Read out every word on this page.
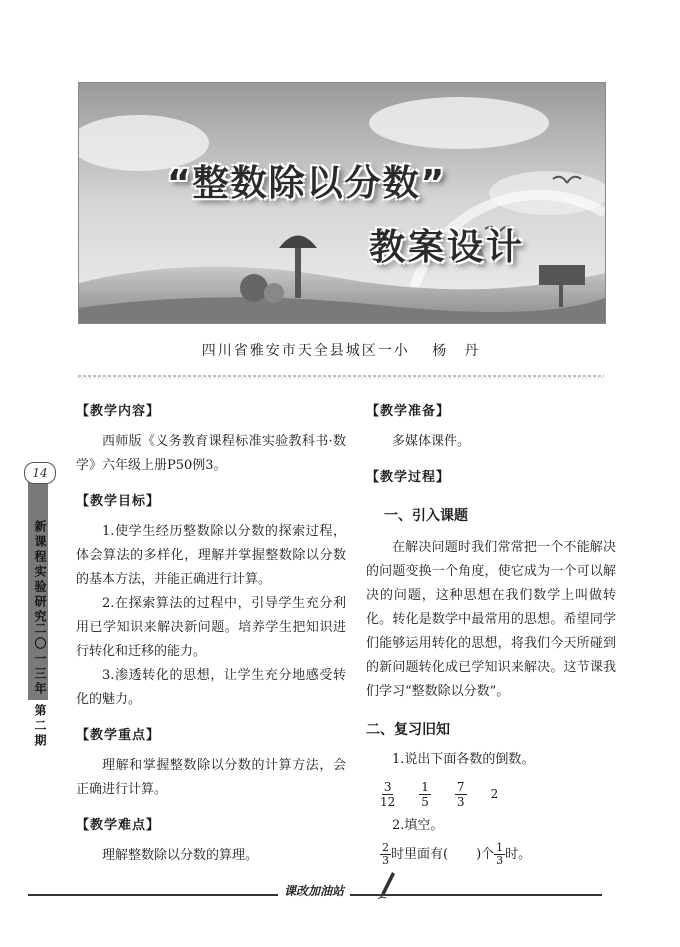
“整数除以分数”
教案设计
四川省雅安市天全县城区一小　 杨　丹
14
新课程实验研究
二〇一三年 第二期

【教学内容】

西师版《义务教育课程标准实验教科书·数学》六年级上册P50例3。

【教学目标】

1.使学生经历整数除以分数的探索过程，体会算法的多样化，理解并掌握整数除以分数的基本方法，并能正确进行计算。

2.在探索算法的过程中，引导学生充分利用已学知识来解决新问题。培养学生把知识进行转化和迁移的能力。

3.渗透转化的思想，让学生充分地感受转化的魅力。

【教学重点】

理解和掌握整数除以分数的计算方法，会正确进行计算。

【教学难点】

理解整数除以分数的算理。

【教学准备】

多媒体课件。

【教学过程】

一、引入课题

在解决问题时我们常常把一个不能解决的问题变换一个角度，使它成为一个可以解决的问题，这种思想在我们数学上叫做转化。转化是数学中最常用的思想。希望同学们能够运用转化的思想，将我们今天所碰到的新问题转化成已学知识来解决。这节课我们学习“整数除以分数”。

二、复习旧知

1.说出下面各数的倒数。

$\frac{3}{12} \frac{1}{5} \frac{7}{3} 2$

2.填空。

$\frac{2}{3}$ 时里面有( )个 $\frac{1}{3}$ 时。
课改加油站
